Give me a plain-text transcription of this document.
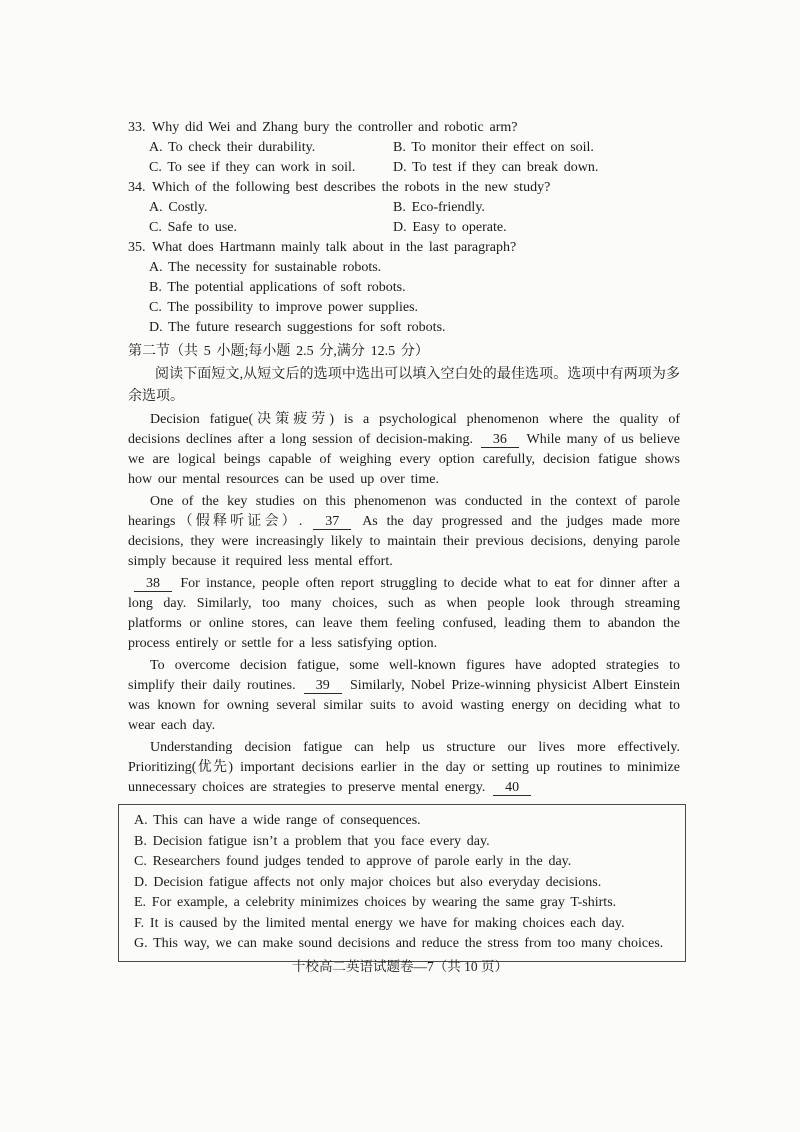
33. Why did Wei and Zhang bury the controller and robotic arm?
A. To check their durability.	B. To monitor their effect on soil.
C. To see if they can work in soil.	D. To test if they can break down.
34. Which of the following best describes the robots in the new study?
A. Costly.	B. Eco-friendly.
C. Safe to use.	D. Easy to operate.
35. What does Hartmann mainly talk about in the last paragraph?
A. The necessity for sustainable robots.
B. The potential applications of soft robots.
C. The possibility to improve power supplies.
D. The future research suggestions for soft robots.
第二节（共 5 小题;每小题 2.5 分,满分 12.5 分）

阅读下面短文,从短文后的选项中选出可以填入空白处的最佳选项。选项中有两项为多余选项。

Decision fatigue(决策疲劳) is a psychological phenomenon where the quality of decisions declines after a long session of decision-making. 36 While many of us believe we are logical beings capable of weighing every option carefully, decision fatigue shows how our mental resources can be used up over time.

One of the key studies on this phenomenon was conducted in the context of parole hearings（假释听证会）. 37 As the day progressed and the judges made more decisions, they were increasingly likely to maintain their previous decisions, denying parole simply because it required less mental effort.

38 For instance, people often report struggling to decide what to eat for dinner after a long day. Similarly, too many choices, such as when people look through streaming platforms or online stores, can leave them feeling confused, leading them to abandon the process entirely or settle for a less satisfying option.

To overcome decision fatigue, some well-known figures have adopted strategies to simplify their daily routines. 39 Similarly, Nobel Prize-winning physicist Albert Einstein was known for owning several similar suits to avoid wasting energy on deciding what to wear each day.

Understanding decision fatigue can help us structure our lives more effectively. Prioritizing(优先) important decisions earlier in the day or setting up routines to minimize unnecessary choices are strategies to preserve mental energy. 40

A. This can have a wide range of consequences.
B. Decision fatigue isn’t a problem that you face every day.
C. Researchers found judges tended to approve of parole early in the day.
D. Decision fatigue affects not only major choices but also everyday decisions.
E. For example, a celebrity minimizes choices by wearing the same gray T-shirts.
F. It is caused by the limited mental energy we have for making choices each day.
G. This way, we can make sound decisions and reduce the stress from too many choices.
十校高二英语试题卷—7（共 10 页）
